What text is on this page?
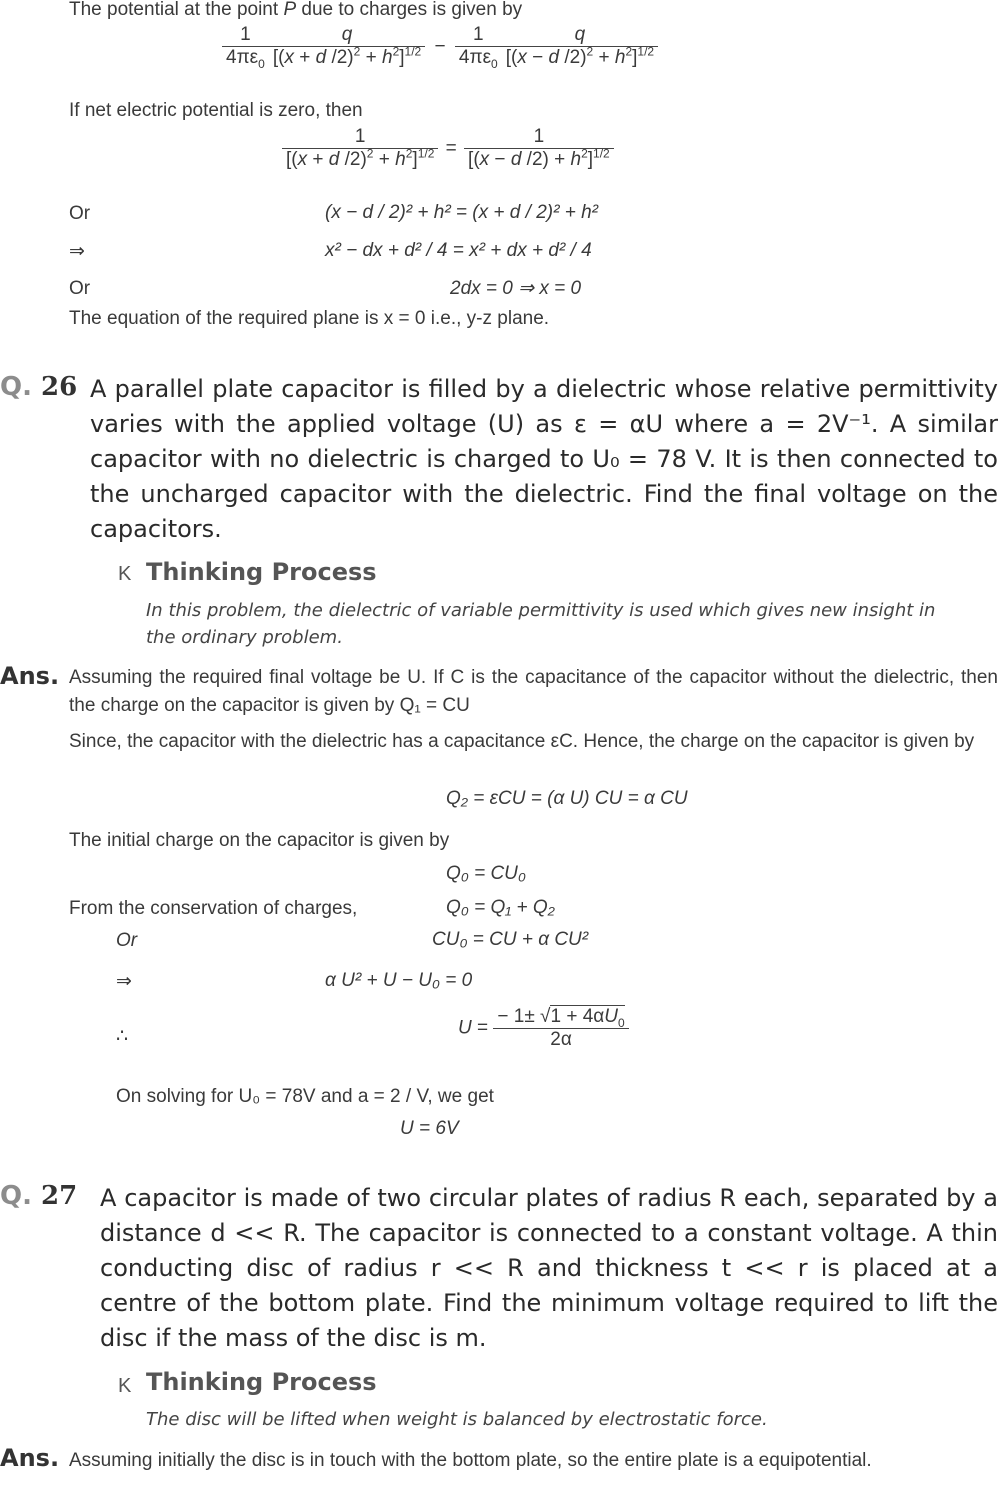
The potential at the point P due to charges is given by
$\frac{1}{4\pi\varepsilon_0} \frac{q}{[(x + d /2)^2 + h^2]^{1/2}} - \frac{1}{4\pi\varepsilon_0} \frac{q}{[(x - d /2)^2 + h^2]^{1/2}}$
If net electric potential is zero, then
$\frac{1}{[(x + d /2)^2 + h^2]^{1/2}} = \frac{1}{[(x - d /2) + h^2]^{1/2}}$
Or	(x − d / 2)² + h² = (x + d / 2)² + h²
⇒	x² − dx + d² / 4 = x² + dx + d² / 4
Or	2dx = 0 ⇒ x = 0
The equation of the required plane is x = 0 i.e., y-z plane.
Q. 26 A parallel plate capacitor is filled by a dielectric whose relative permittivity varies with the applied voltage (U) as ε = αU where a = 2V⁻¹. A similar capacitor with no dielectric is charged to U₀ = 78 V. It is then connected to the uncharged capacitor with the dielectric. Find the final voltage on the capacitors.
K Thinking Process
In this problem, the dielectric of variable permittivity is used which gives new insight in the ordinary problem.
Ans. Assuming the required final voltage be U. If C is the capacitance of the capacitor without the dielectric, then the charge on the capacitor is given by Q₁ = CU
Since, the capacitor with the dielectric has a capacitance εC. Hence, the charge on the capacitor is given by
Q₂ = εCU = (α U) CU = α CU
The initial charge on the capacitor is given by
Q₀ = CU₀
From the conservation of charges,	Q₀ = Q₁ + Q₂
Or	CU₀ = CU + α CU²
⇒	α U² + U − U₀ = 0
∴	$U = \frac{- 1\pm √1 + 4\alpha U_0}{2\alpha}$
On solving for U₀ = 78V and a = 2 / V, we get
U = 6V
Q. 27 A capacitor is made of two circular plates of radius R each, separated by a distance d << R. The capacitor is connected to a constant voltage. A thin conducting disc of radius r << R and thickness t << r is placed at a centre of the bottom plate. Find the minimum voltage required to lift the disc if the mass of the disc is m.
K Thinking Process
The disc will be lifted when weight is balanced by electrostatic force.
Ans. Assuming initially the disc is in touch with the bottom plate, so the entire plate is a equipotential.
